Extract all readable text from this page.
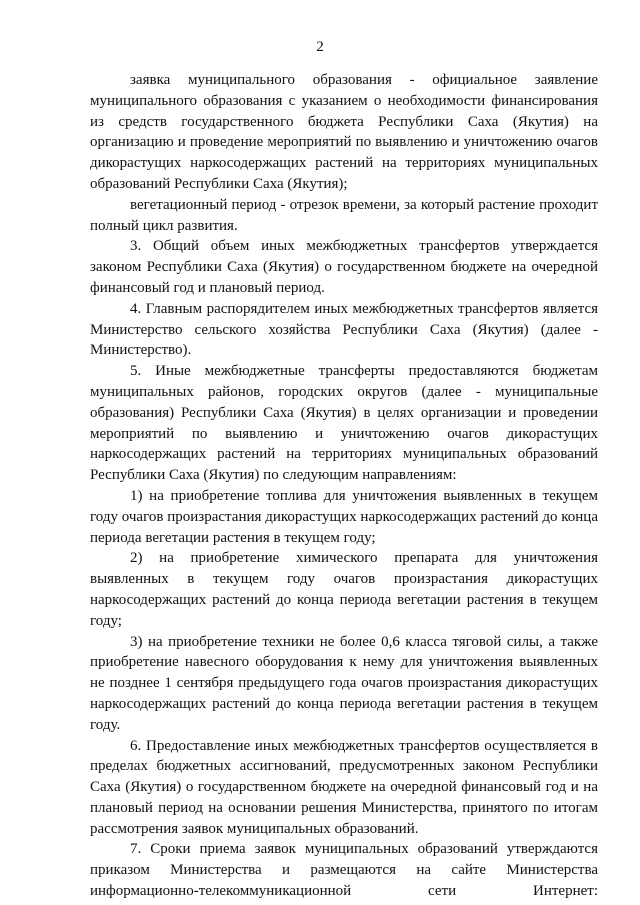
2

заявка муниципального образования - официальное заявление муниципального образования с указанием о необходимости финансирования из средств государственного бюджета Республики Саха (Якутия) на организацию и проведение мероприятий по выявлению и уничтожению очагов дикорастущих наркосодержащих растений на территориях муниципальных образований Республики Саха (Якутия);

вегетационный период - отрезок времени, за который растение проходит полный цикл развития.

3. Общий объем иных межбюджетных трансфертов утверждается законом Республики Саха (Якутия) о государственном бюджете на очередной финансовый год и плановый период.

4. Главным распорядителем иных межбюджетных трансфертов является Министерство сельского хозяйства Республики Саха (Якутия) (далее - Министерство).

5. Иные межбюджетные трансферты предоставляются бюджетам муниципальных районов, городских округов (далее - муниципальные образования) Республики Саха (Якутия) в целях организации и проведении мероприятий по выявлению и уничтожению очагов дикорастущих наркосодержащих растений на территориях муниципальных образований Республики Саха (Якутия) по следующим направлениям:

1) на приобретение топлива для уничтожения выявленных в текущем году очагов произрастания дикорастущих наркосодержащих растений до конца периода вегетации растения в текущем году;

2) на приобретение химического препарата для уничтожения выявленных в текущем году очагов произрастания дикорастущих наркосодержащих растений до конца периода вегетации растения в текущем году;

3) на приобретение техники не более 0,6 класса тяговой силы, а также приобретение навесного оборудования к нему для уничтожения выявленных не позднее 1 сентября предыдущего года очагов произрастания дикорастущих наркосодержащих растений до конца периода вегетации растения в текущем году.

6. Предоставление иных межбюджетных трансфертов осуществляется в пределах бюджетных ассигнований, предусмотренных законом Республики Саха (Якутия) о государственном бюджете на очередной финансовый год и на плановый период на основании решения Министерства, принятого по итогам рассмотрения заявок муниципальных образований.

7. Сроки приема заявок муниципальных образований утверждаются приказом Министерства и размещаются на сайте Министерства информационно-телекоммуникационной сети Интернет:
